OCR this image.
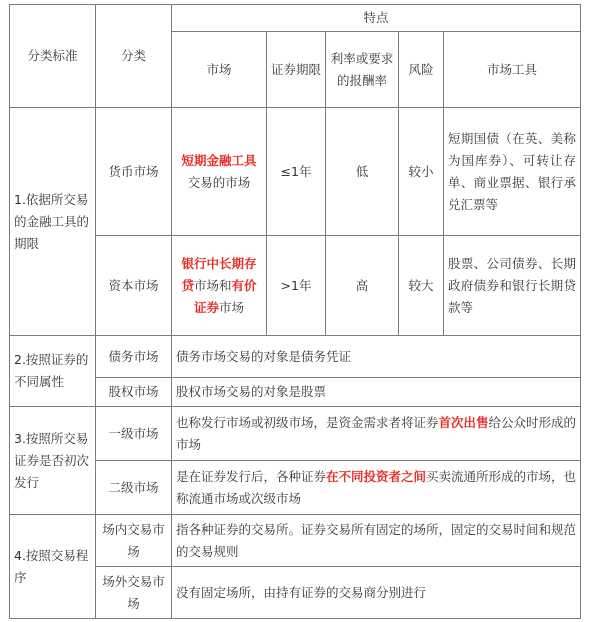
分类标准	分类	特点				
		市场	证券期限	利率或要求的报酬率	风险	市场工具
1.依据所交易的金融工具的期限	货币市场	短期金融工具交易的市场	≤1年	低	较小	短期国债（在英、美称为国库券）、可转让存单、商业票据、银行承兑汇票等
	资本市场	银行中长期存贷市场和有价证券市场	>1年	高	较大	股票、公司债券、长期政府债券和银行长期贷款等
2.按照证券的不同属性	债务市场	债务市场交易的对象是债务凭证				
	股权市场	股权市场交易的对象是股票				
3.按照所交易证券是否初次发行	一级市场	也称发行市场或初级市场，是资金需求者将证券首次出售给公众时形成的市场				
	二级市场	是在证券发行后，各种证券在不同投资者之间买卖流通所形成的市场，也称流通市场或次级市场				
4.按照交易程序	场内交易市场	指各种证券的交易所。证券交易所有固定的场所，固定的交易时间和规范的交易规则				
	场外交易市场	没有固定场所，由持有证券的交易商分别进行				
